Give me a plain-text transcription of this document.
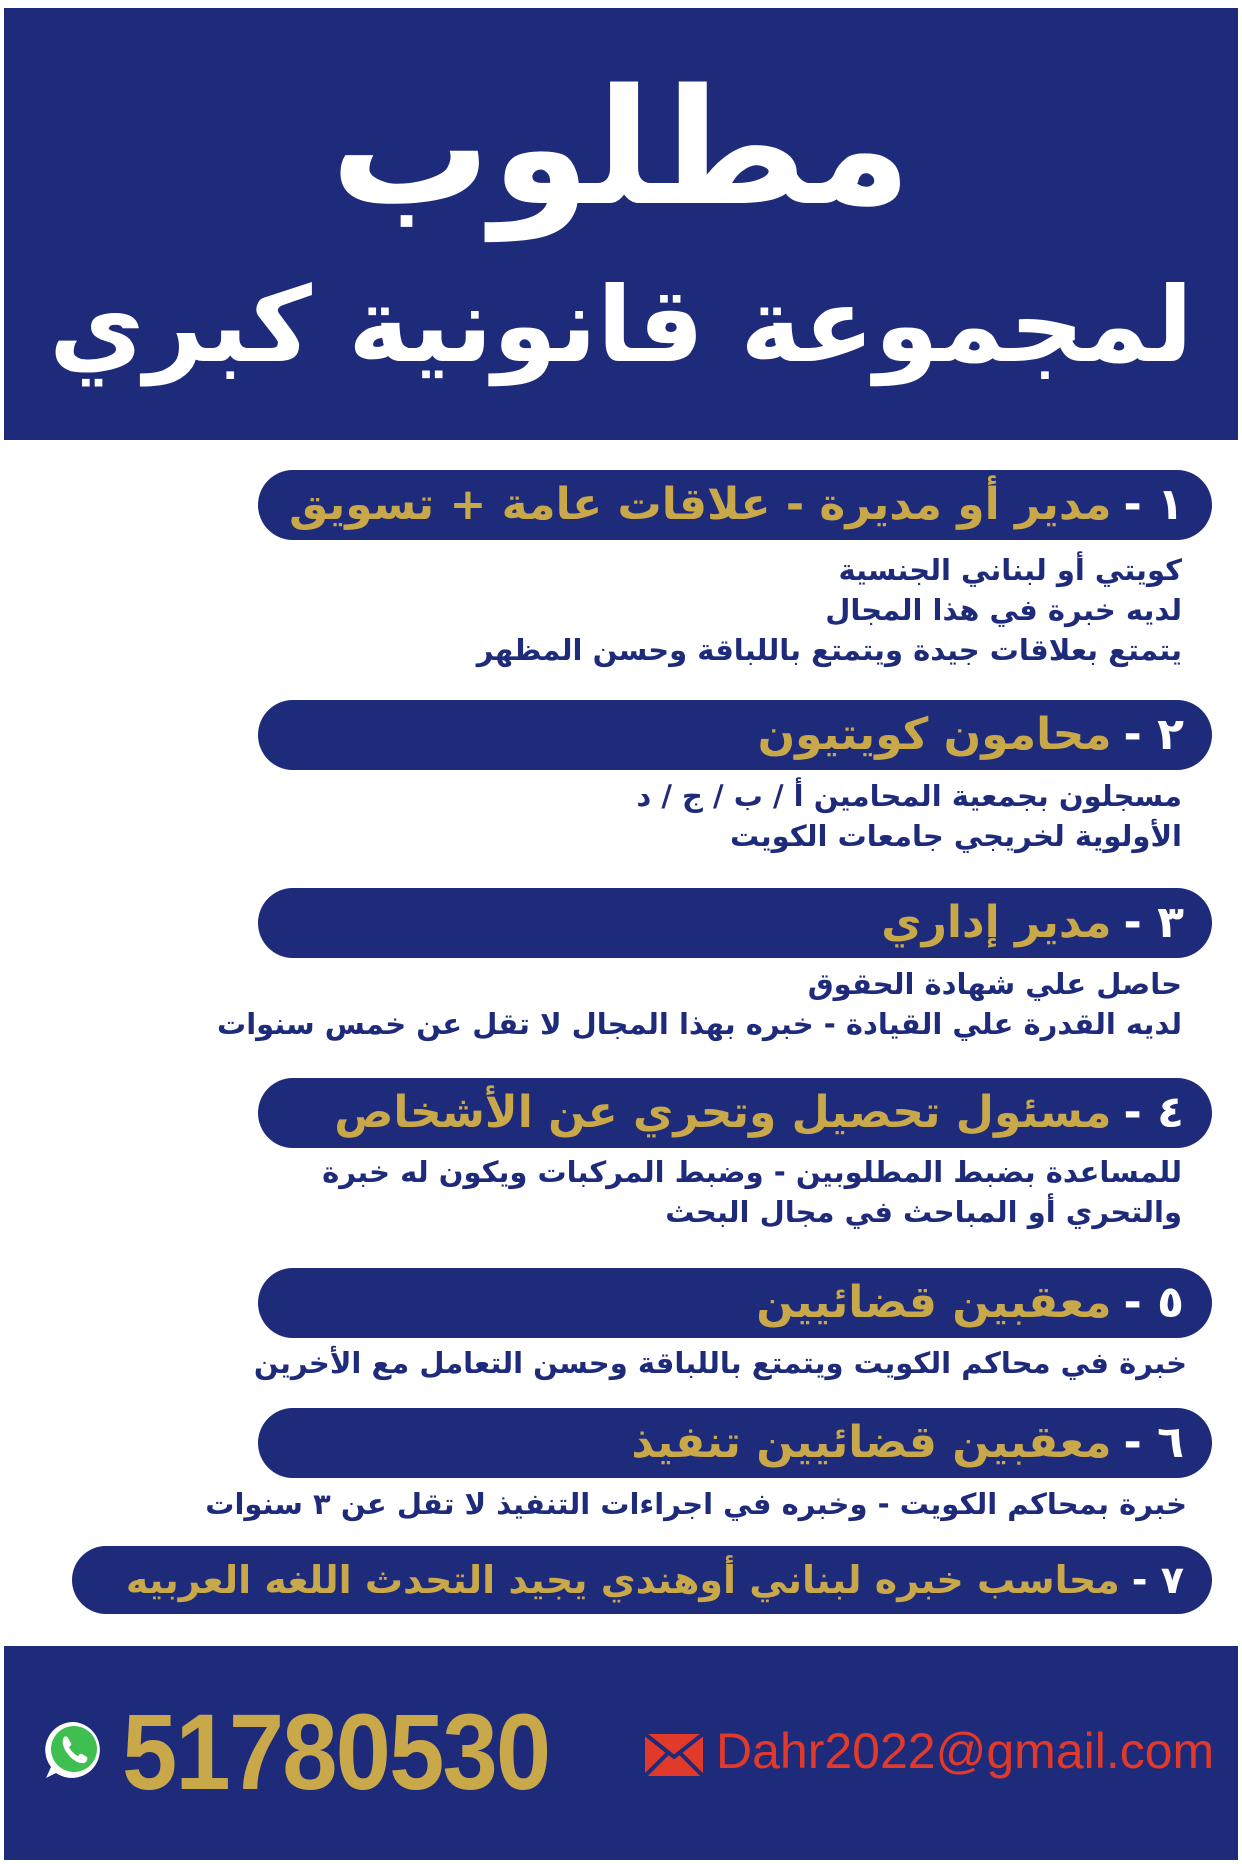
مطلوب
لمجموعة قانونية كبري
١ -
مدير أو مديرة - علاقات عامة + تسويق
كويتي أو لبناني الجنسية
لديه خبرة في هذا المجال
يتمتع بعلاقات جيدة ويتمتع باللباقة وحسن المظهر
٢ -
محامون كويتيون
مسجلون بجمعية المحامين أ / ب / ج / د
الأولوية لخريجي جامعات الكويت
٣ -
مدير إداري
حاصل علي شهادة الحقوق
لديه القدرة علي القيادة - خبره بهذا المجال لا تقل عن خمس سنوات
٤ -
مسئول تحصيل وتحري عن الأشخاص
للمساعدة بضبط المطلوبين - وضبط المركبات ويكون له خبرة
والتحري أو المباحث في مجال البحث
٥ -
معقبين قضائيين
خبرة في محاكم الكويت ويتمتع باللباقة وحسن التعامل مع الأخرين
٦ -
معقبين قضائيين تنفيذ
خبرة بمحاكم الكويت - وخبره في اجراءات التنفيذ لا تقل عن ٣ سنوات
٧ -
محاسب خبره لبناني أوهندي يجيد التحدث اللغه العربيه
51780530	Dahr2022@gmail.com
